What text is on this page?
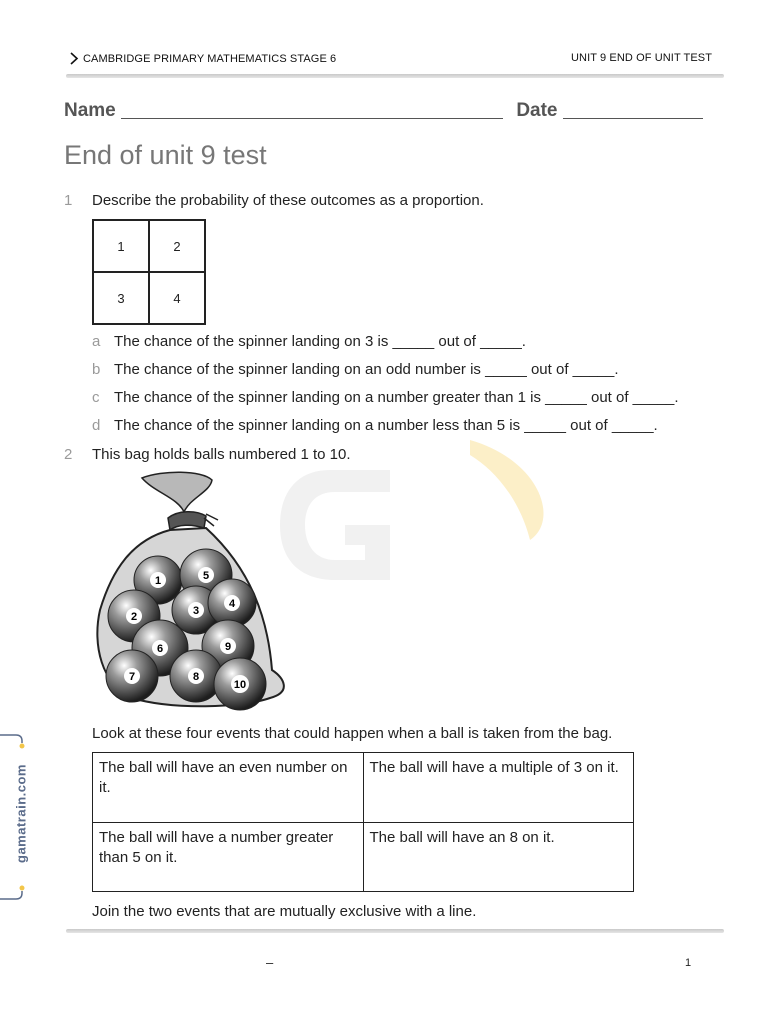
CAMBRIDGE PRIMARY MATHEMATICS STAGE 6	UNIT 9 END OF UNIT TEST
Name	Date
End of unit 9 test
1 Describe the probability of these outcomes as a proportion.
1	2
3	4
a The chance of the spinner landing on 3 is _____ out of _____.
b The chance of the spinner landing on an odd number is _____ out of _____.
c The chance of the spinner landing on a number greater than 1 is _____ out of _____.
d The chance of the spinner landing on a number less than 5 is _____ out of _____.
2 This bag holds balls numbered 1 to 10.
1	5
2	3
4
6	9
7	8
10
Look at these four events that could happen when a ball is taken from the bag.
The ball will have an even number on it.	The ball will have a multiple of 3 on it.
The ball will have a number greater than 5 on it.	The ball will have an 8 on it.
Join the two events that are mutually exclusive with a line.
–	1
gamatrain.com
